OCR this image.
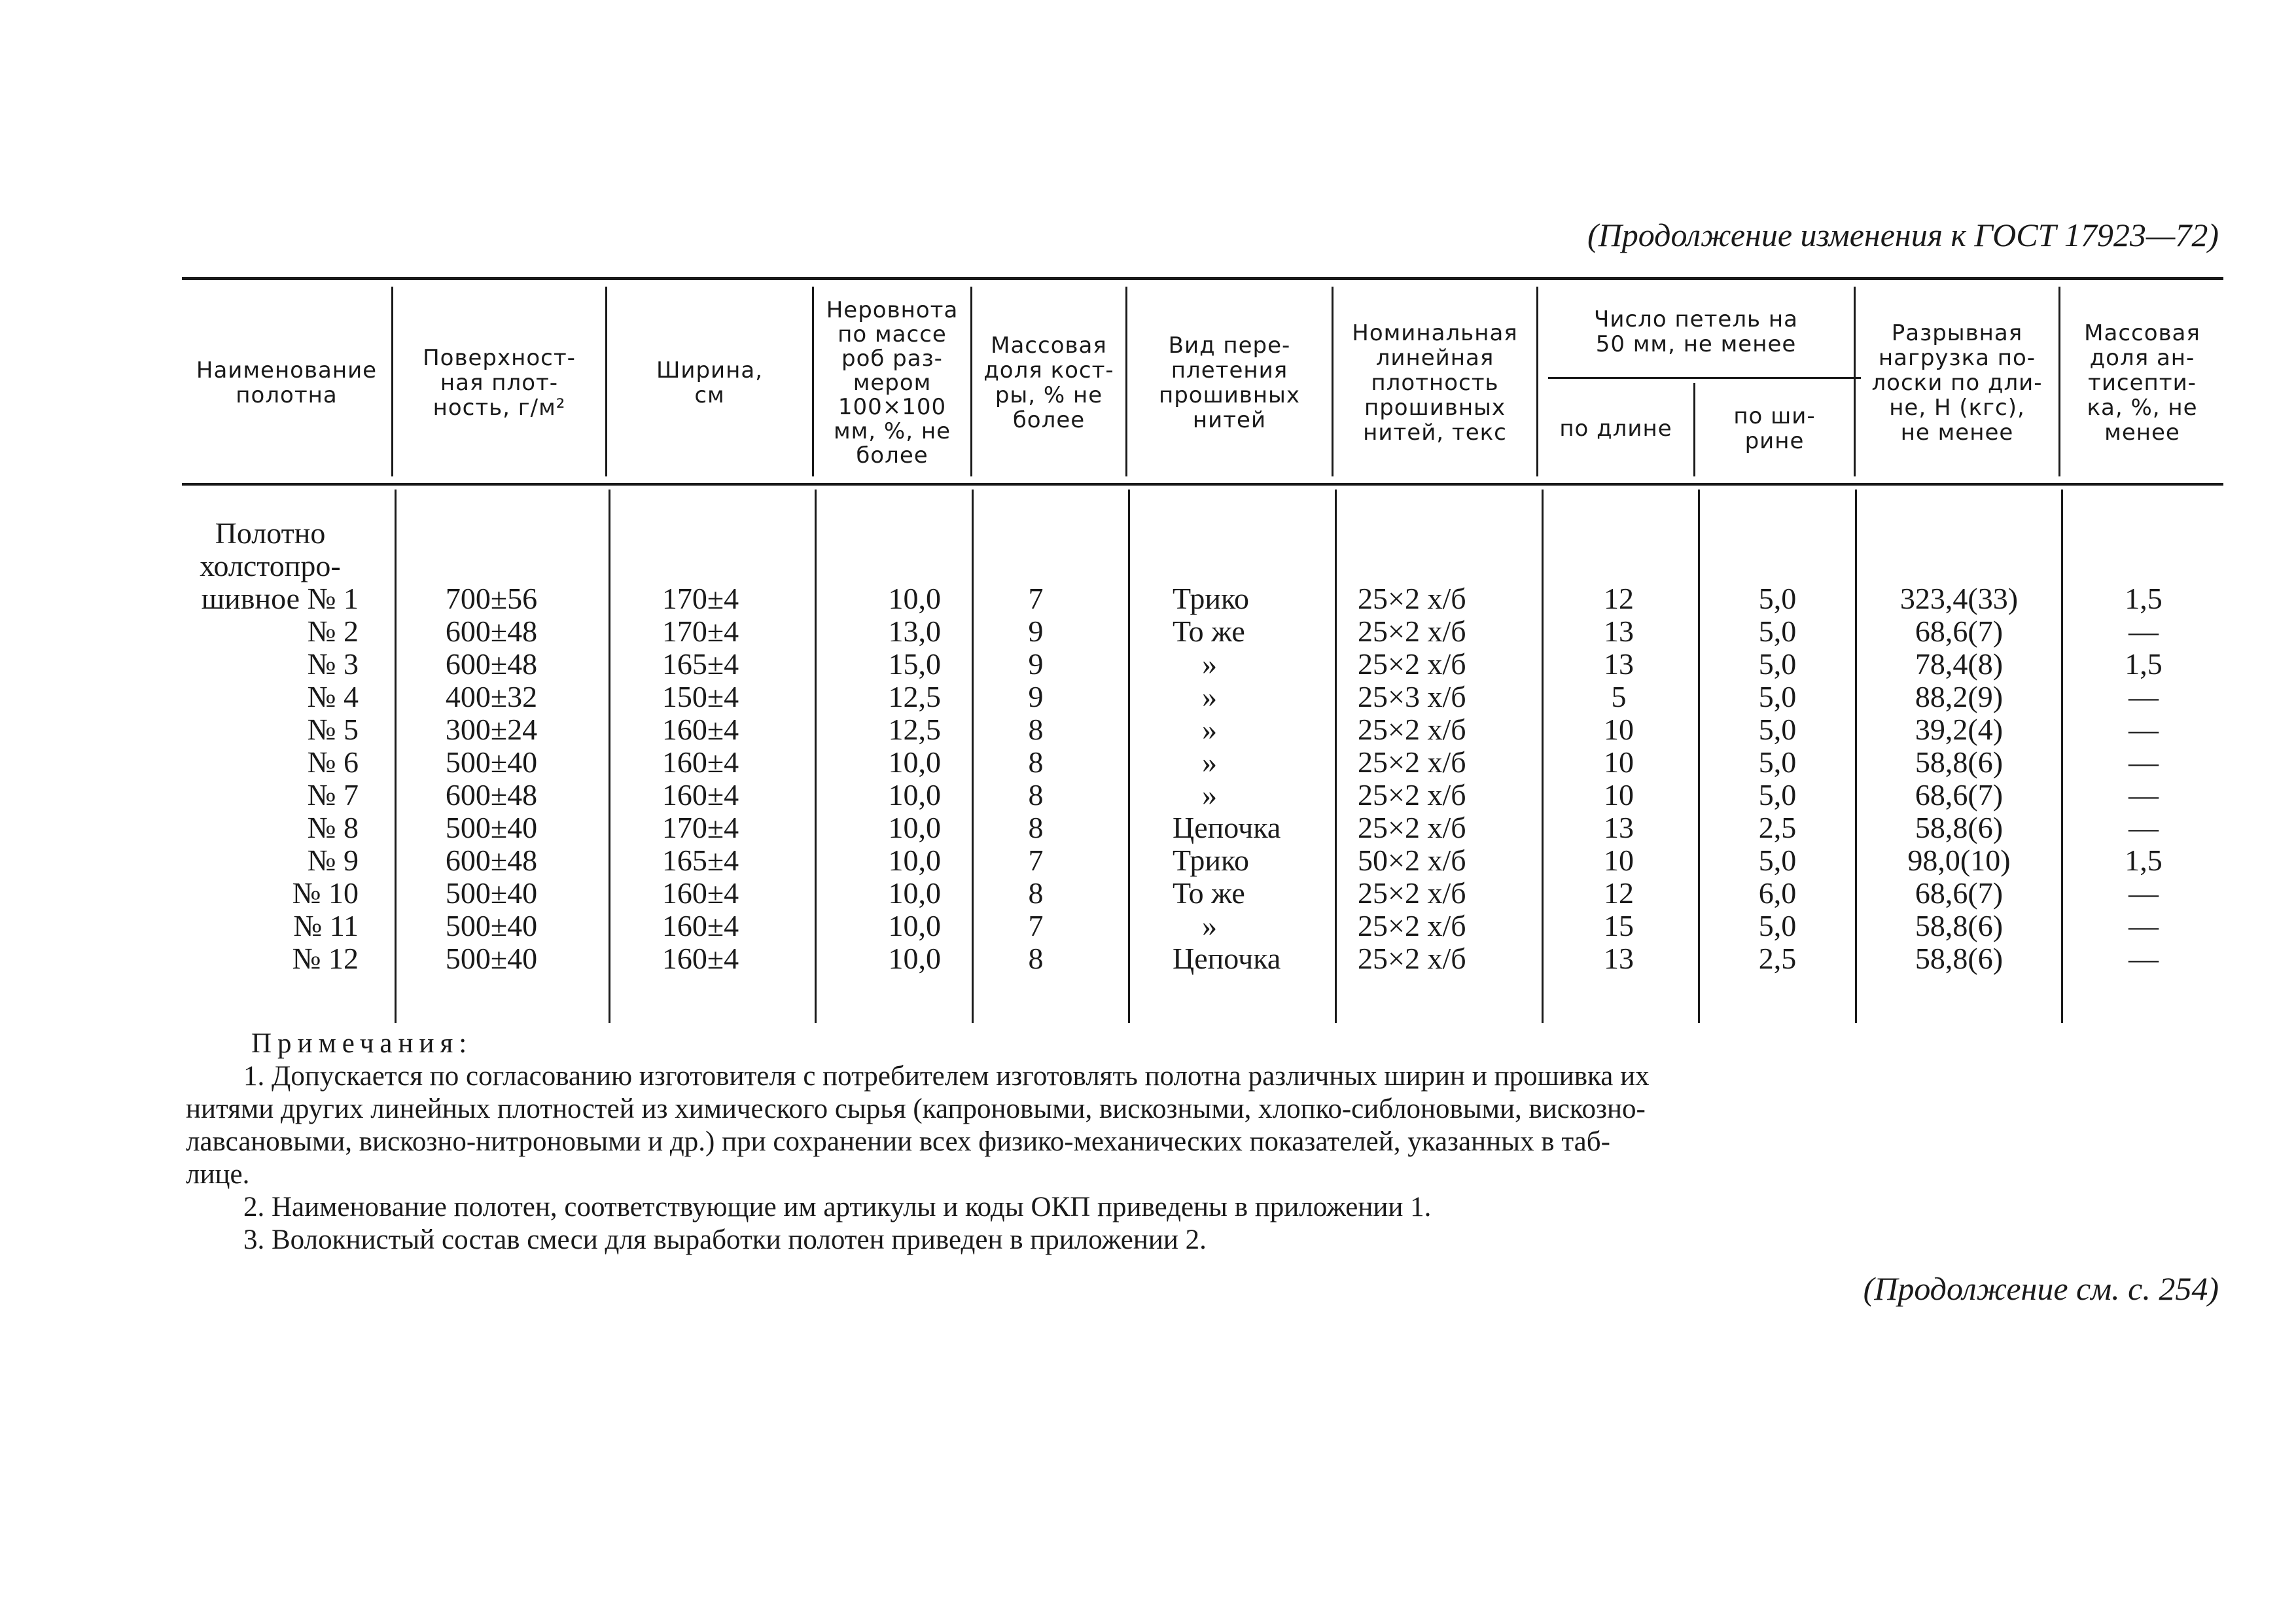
(Продолжение изменения к ГОСТ 17923—72)
Наименование
полотна
Поверхност-
ная плот-
ность, г/м²
Ширина,
см
Неровнота
по массе
роб раз-
мером
100×100
мм, %, не
более
Массовая
доля кост-
ры, % не
более
Вид пере-
плетения
прошивных
нитей
Номинальная
линейная
плотность
прошивных
нитей, текс
Число петель на
50 мм, не менее
по длине	по ши-
рине
Разрывная
нагрузка по-
лоски по дли-
не, Н (кгс),
не менее
Массовая
доля ан-
тисепти-
ка, %, не
менее
Полотно
холстопро-
шивное № 1
№ 2
№ 3
№ 4
№ 5
№ 6
№ 7
№ 8
№ 9
№ 10
№ 11
№ 12
700±56
600±48
600±48
400±32
300±24
500±40
600±48
500±40
600±48
500±40
500±40
500±40
170±4
170±4
165±4
150±4
160±4
160±4
160±4
170±4
165±4
160±4
160±4
160±4
10,0
13,0
15,0
12,5
12,5
10,0
10,0
10,0
10,0
10,0
10,0
10,0
7
9
9
9
8
8
8
8
7
8
7
8
Трико
То же
»
»
»
»
»
Цепочка
Трико
То же
»
Цепочка
25×2 х/б
25×2 х/б
25×2 х/б
25×3 х/б
25×2 х/б
25×2 х/б
25×2 х/б
25×2 х/б
50×2 х/б
25×2 х/б
25×2 х/б
25×2 х/б
12
13
13
5
10
10
10
13
10
12
15
13
5,0
5,0
5,0
5,0
5,0
5,0
5,0
2,5
5,0
6,0
5,0
2,5
323,4(33)
68,6(7)
78,4(8)
88,2(9)
39,2(4)
58,8(6)
68,6(7)
58,8(6)
98,0(10)
68,6(7)
58,8(6)
58,8(6)
1,5
—
1,5
—
—
—
—
—
1,5
—
—
—
Примечания:

1. Допускается по согласованию изготовителя с потребителем изготовлять полотна различных ширин и прошивка их

нитями других линейных плотностей из химического сырья (капроновыми, вискозными, хлопко-сиблоновыми, вискозно-

лавсановыми, вискозно-нитроновыми и др.) при сохранении всех физико-механических показателей, указанных в таб-

лице.

2. Наименование полотен, соответствующие им артикулы и коды ОКП приведены в приложении 1.

3. Волокнистый состав смеси для выработки полотен приведен в приложении 2.

(Продолжение см. с. 254)
